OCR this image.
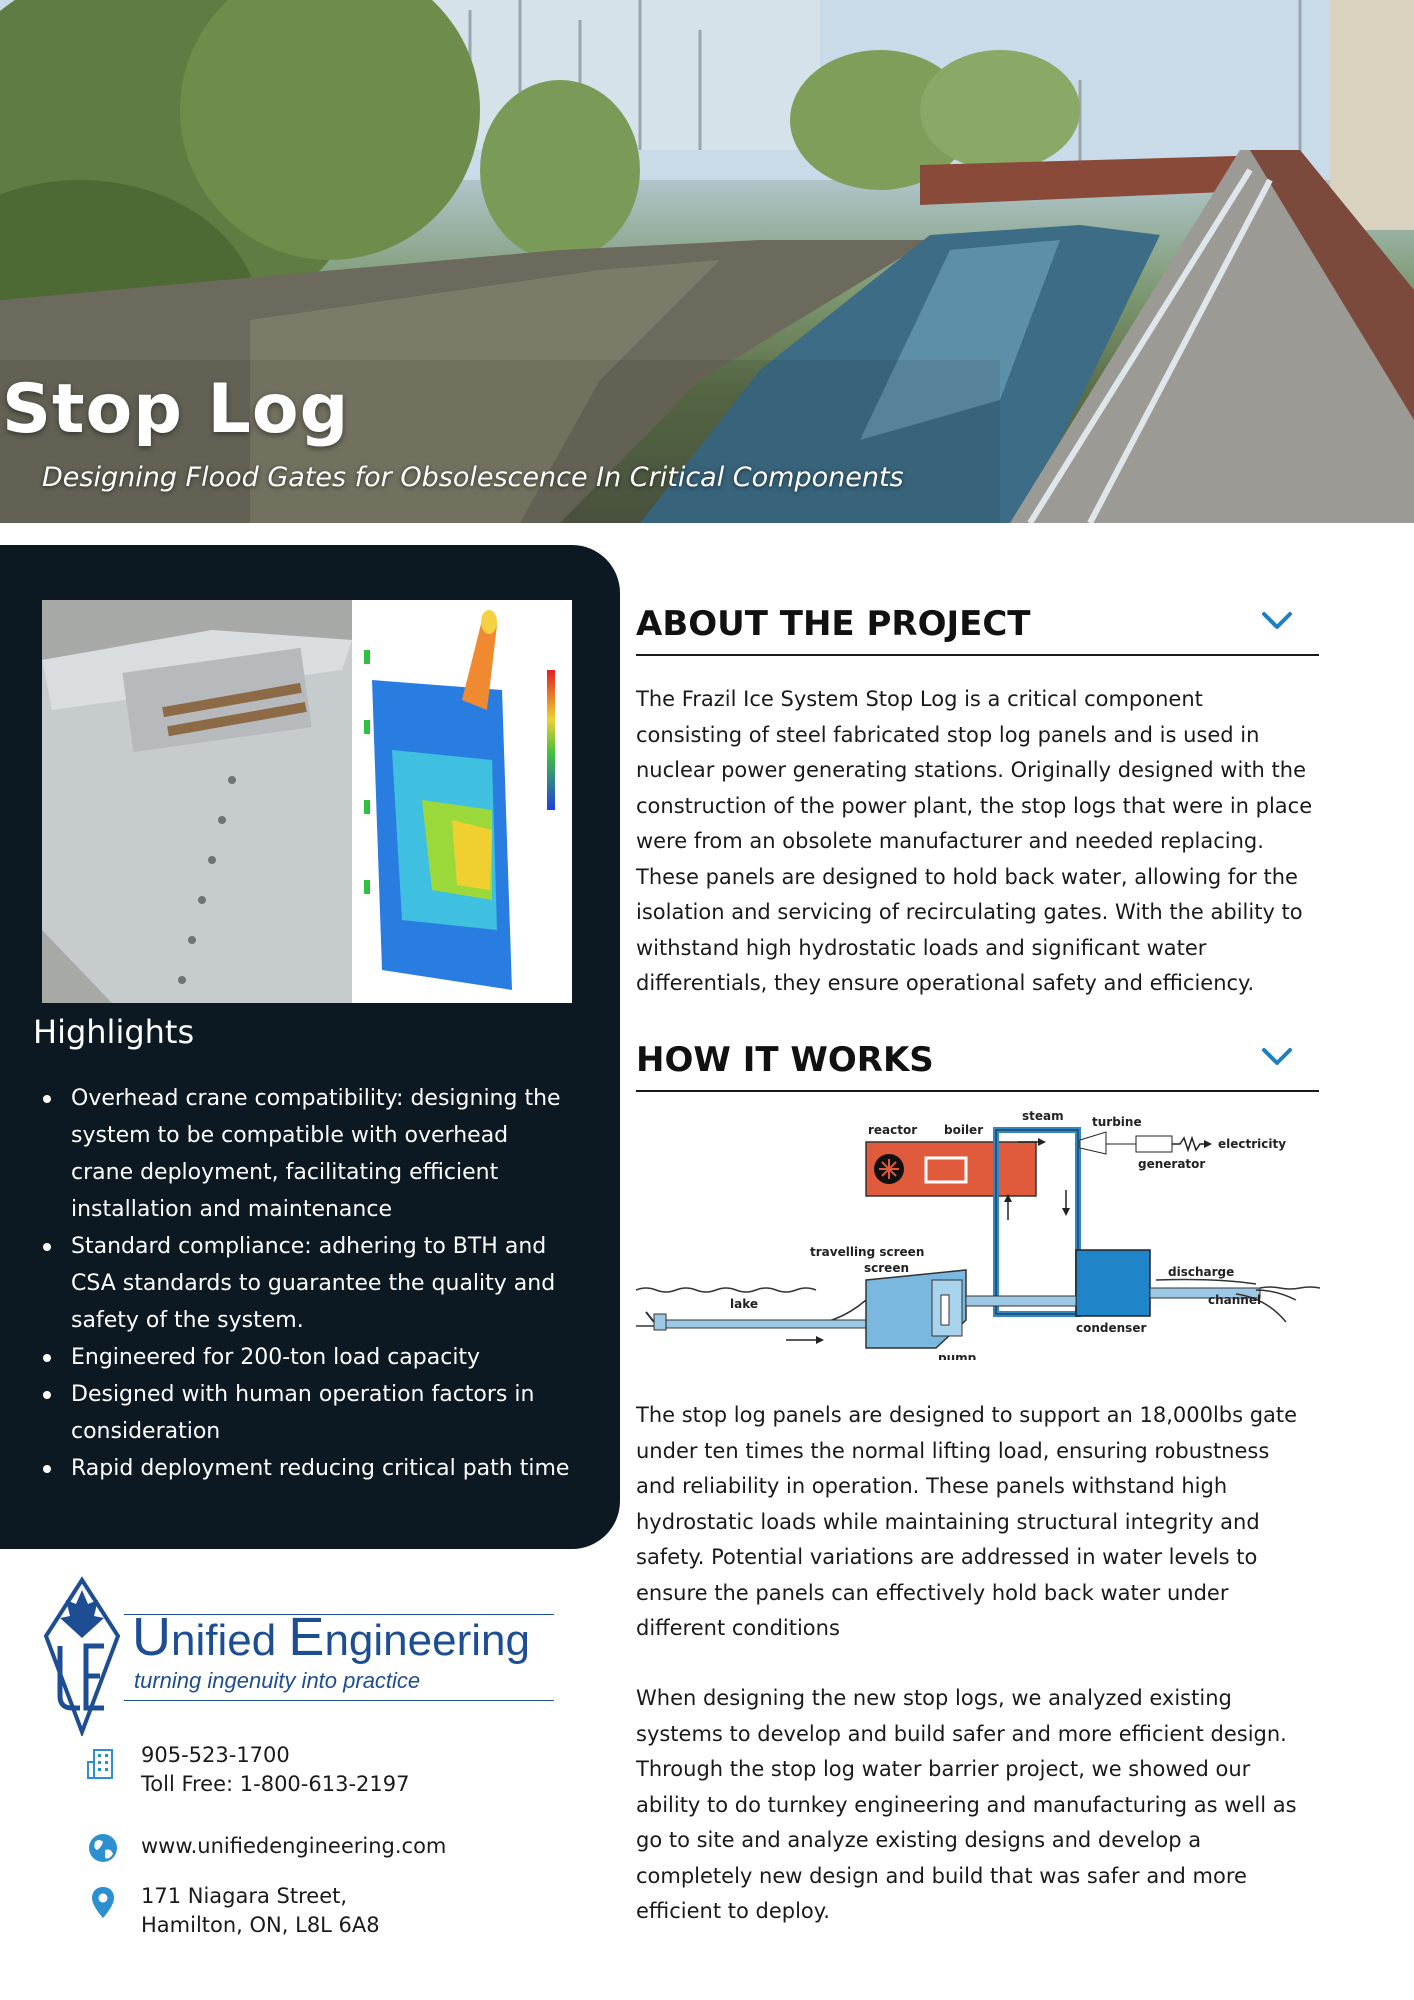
Stop Log
Designing Flood Gates for Obsolescence In Critical Components
Highlights
Overhead crane compatibility: designing the system to be compatible with overhead crane deployment, facilitating efficient installation and maintenance
Standard compliance: adhering to BTH and CSA standards to guarantee the quality and safety of the system.
Engineered for 200-ton load capacity
Designed with human operation factors in consideration
Rapid deployment reducing critical path time
Unified Engineering
turning ingenuity into practice
905-523-1700
Toll Free: 1-800-613-2197
www.unifiedengineering.com
171 Niagara Street,
Hamilton, ON, L8L 6A8
ABOUT THE PROJECT
The Frazil Ice System Stop Log is a critical component
consisting of steel fabricated stop log panels and is used in
nuclear power generating stations. Originally designed with the
construction of the power plant, the stop logs that were in place
were from an obsolete manufacturer and needed replacing.
These panels are designed to hold back water, allowing for the
isolation and servicing of recirculating gates. With the ability to
withstand high hydrostatic loads and significant water
differentials, they ensure operational safety and efficiency.
HOW IT WORKS
steam
reactor boiler
turbine
generator
electricity
travelling screen
screen
lake
pump
condenser
discharge
channel
The stop log panels are designed to support an 18,000lbs gate
under ten times the normal lifting load, ensuring robustness
and reliability in operation. These panels withstand high
hydrostatic loads while maintaining structural integrity and
safety. Potential variations are addressed in water levels to
ensure the panels can effectively hold back water under
different conditions
When designing the new stop logs, we analyzed existing
systems to develop and build safer and more efficient design.
Through the stop log water barrier project, we showed our
ability to do turnkey engineering and manufacturing as well as
go to site and analyze existing designs and develop a
completely new design and build that was safer and more
efficient to deploy.
